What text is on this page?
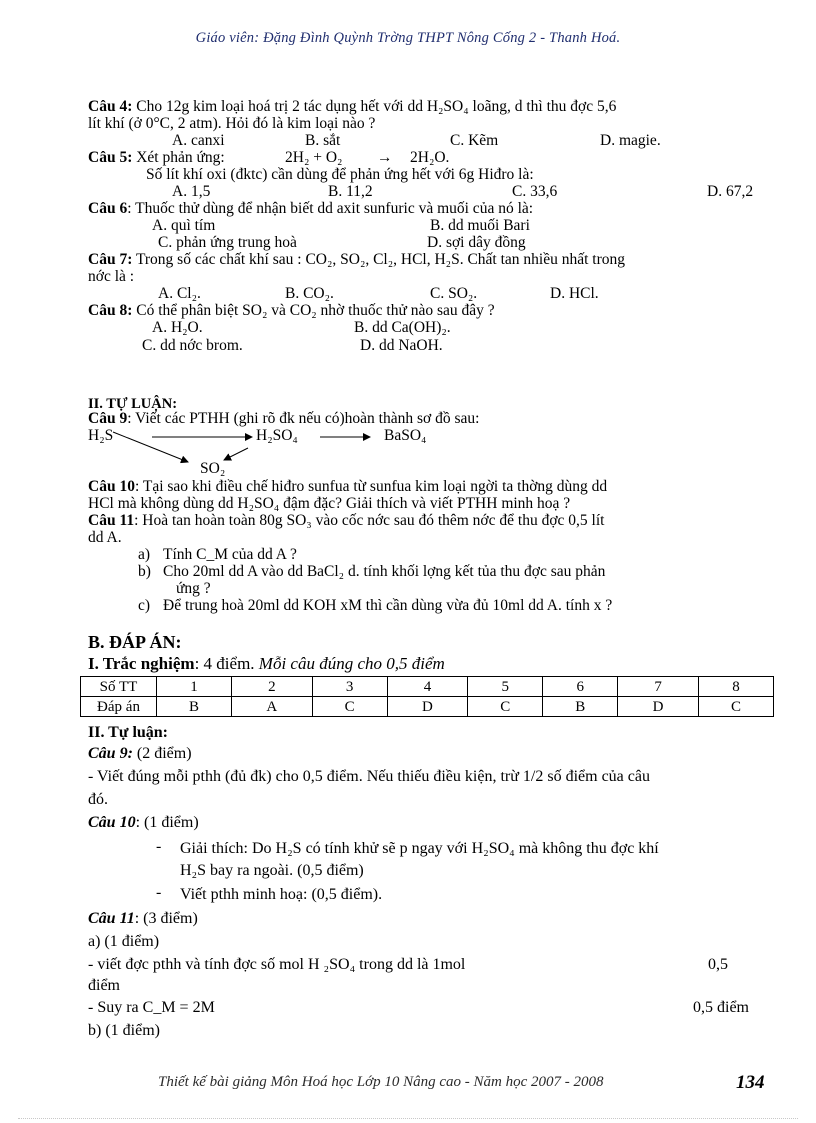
Giáo viên: Đặng Đình Quỳnh Trờng THPT Nông Cống 2 - Thanh Hoá.
Câu 4: Cho 12g kim loại hoá trị 2 tác dụng hết với dd H₂SO₄ loãng, d thì thu đợc 5,6
lít khí (ở 0°C, 2 atm). Hỏi đó là kim loại nào ?
A. canxi	B. sắt	C. Kẽm	D. magie.
Câu 5: Xét phản ứng:	2H₂ + O₂ → 2H₂O.
Số lít khí oxi (đktc) cần dùng để phản ứng hết với 6g Hiđro là:
A. 1,5	B. 11,2	C. 33,6	D. 67,2
Câu 6: Thuốc thử dùng để nhận biết dd axit sunfuric và muối của nó là:
A. quì tím	B. dd muối Bari
C. phản ứng trung hoà	D. sợi dây đồng
Câu 7: Trong số các chất khí sau : CO₂, SO₂, Cl₂, HCl, H₂S. Chất tan nhiều nhất trong
nớc là :
A. Cl₂.	B. CO₂.	C. SO₂.	D. HCl.
Câu 8: Có thể phân biệt SO₂ và CO₂ nhờ thuốc thử nào sau đây ?
A. H₂O.	B. dd Ca(OH)₂.
C. dd nớc brom.	D. dd NaOH.
II. TỰ LUẬN:
Câu 9: Viết các PTHH (ghi rõ đk nếu có)hoàn thành sơ đồ sau:
H₂S	H₂SO₄	BaSO₄
SO₂
Câu 10: Tại sao khi điều chế hiđro sunfua từ sunfua kim loại ngời ta thờng dùng dd
HCl mà không dùng dd H₂SO₄ đậm đặc? Giải thích và viết PTHH minh hoạ ?
Câu 11: Hoà tan hoàn toàn 80g SO₃ vào cốc nớc sau đó thêm nớc để thu đợc 0,5 lít
dd A.
a) Tính C_M của dd A ?
b) Cho 20ml dd A vào dd BaCl₂ d. tính khối lợng kết tủa thu đợc sau phản
ứng ?
c) Để trung hoà 20ml dd KOH xM thì cần dùng vừa đủ 10ml dd A. tính x ?
B. ĐÁP ÁN:
I. Trắc nghiệm: 4 điểm. Mỗi câu đúng cho 0,5 điểm
Số TT	1	2	3	4	5	6	7	8
Đáp án	B	A	C	D	C	B	D	C
II. Tự luận:
Câu 9: (2 điểm)
- Viết đúng mỗi pthh (đủ đk) cho 0,5 điểm. Nếu thiếu điều kiện, trừ 1/2 số điểm của câu
đó.
Câu 10: (1 điểm)
- Giải thích: Do H₂S có tính khử sẽ p ngay với H₂SO₄ mà không thu đợc khí
H₂S bay ra ngoài. (0,5 điểm)
- Viết pthh minh hoạ: (0,5 điểm).
Câu 11: (3 điểm)
a) (1 điểm)
- viết đợc pthh và tính đợc số mol H ₂SO₄ trong dd là 1mol	0,5
điểm
- Suy ra C_M = 2M	0,5 điểm
b) (1 điểm)
Thiết kế bài giảng Môn Hoá học Lớp 10 Nâng cao - Năm học 2007 - 2008	134
